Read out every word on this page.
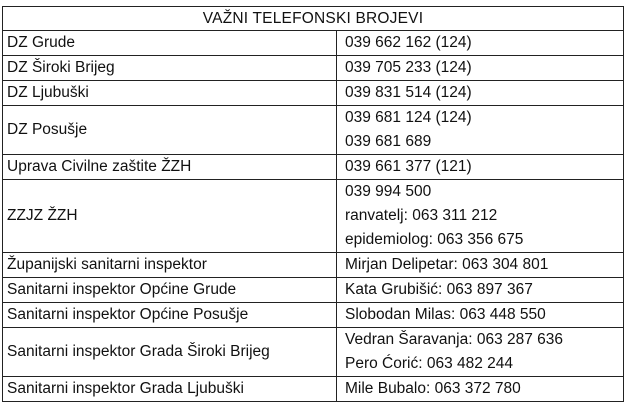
VAŽNI TELEFONSKI BROJEVI	
DZ Grude	039 662 162 (124)

DZ Široki Brijeg	039 705 233 (124)

DZ Ljubuški	039 831 514 (124)

DZ Posušje	039 681 124 (124)
039 681 689

Uprava Civilne zaštite ŽZH	039 661 377 (121)

ZZJZ ŽZH	039 994 500
ranvatelj: 063 311 212
epidemiolog: 063 356 675

Županijski sanitarni inspektor	Mirjan Delipetar: 063 304 801

Sanitarni inspektor Općine Grude	Kata Grubišić: 063 897 367

Sanitarni inspektor Općine Posušje	Slobodan Milas: 063 448 550

Sanitarni inspektor Grada Široki Brijeg	Vedran Šaravanja: 063 287 636
Pero Ćorić: 063 482 244

Sanitarni inspektor Grada Ljubuški	Mile Bubalo: 063 372 780
